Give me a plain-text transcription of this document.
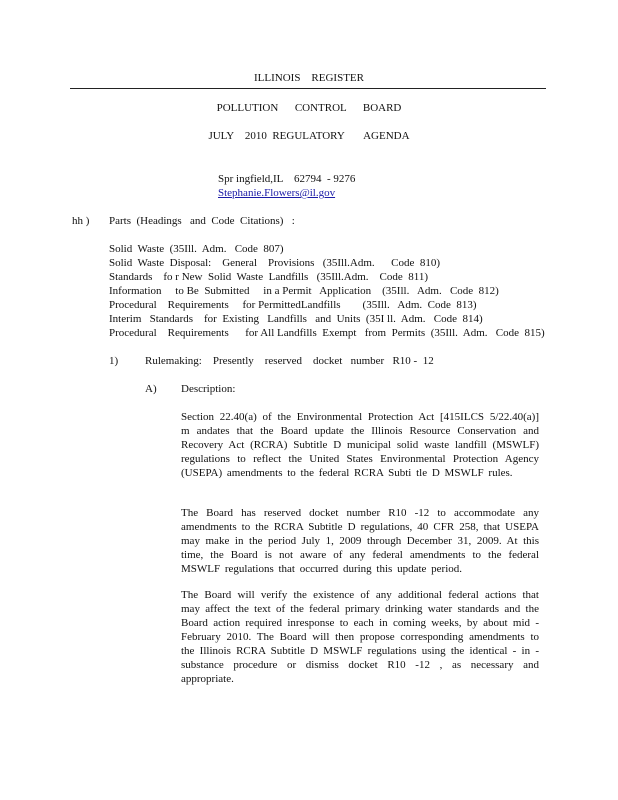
ILLINOIS    REGISTER
POLLUTION      CONTROL      BOARD
JULY    2010  REGULATORY       AGENDA
Spr ingfield,IL    62794  - 9276
Stephanie.Flowers@il.gov
hh ) Parts  (Headings   and  Code  Citations)   :
Solid  Waste  (35Ill.  Adm.   Code  807)
Solid  Waste  Disposal:    General    Provisions   (35Ill.Adm.      Code  810)
Standards    fo r New  Solid  Waste  Landfills   (35Ill.Adm.    Code  811)
Information     to Be  Submitted     in a Permit   Application    (35Ill.   Adm.   Code  812)
Procedural    Requirements     for PermittedLandfills        (35Ill.   Adm.  Code  813)
Interim   Standards    for  Existing   Landfills   and  Units  (35I ll.  Adm.   Code  814)
Procedural    Requirements      for All Landfills  Exempt   from  Permits  (35Ill.  Adm.   Code  815)
1) Rulemaking:    Presently    reserved    docket   number   R10 -  12
A) Description:
Section 22.40(a) of the Environmental Protection Act [415ILCS 5/22.40(a)] m andates that the Board update the Illinois Resource Conservation and Recovery Act (RCRA) Subtitle D municipal solid waste landfill (MSWLF) regulations to reflect the United States Environmental Protection Agency (USEPA) amendments to the federal RCRA Subti tle D MSWLF rules.
The Board has reserved docket number R10 -12 to accommodate any amendments to the RCRA Subtitle D regulations, 40 CFR 258, that USEPA may make in the period July 1, 2009 through December 31, 2009. At this time, the Board is not aware of any federal amendments to the federal MSWLF regulations that occurred during this update period.
The Board will verify the existence of any additional federal actions that may affect the text of the federal primary drinking water standards and the Board action required inresponse to each in coming weeks, by about mid - February 2010. The Board will then propose corresponding amendments to the Illinois RCRA Subtitle D MSWLF regulations using the identical - in -substance procedure or dismiss docket R10 -12 , as necessary and appropriate.
